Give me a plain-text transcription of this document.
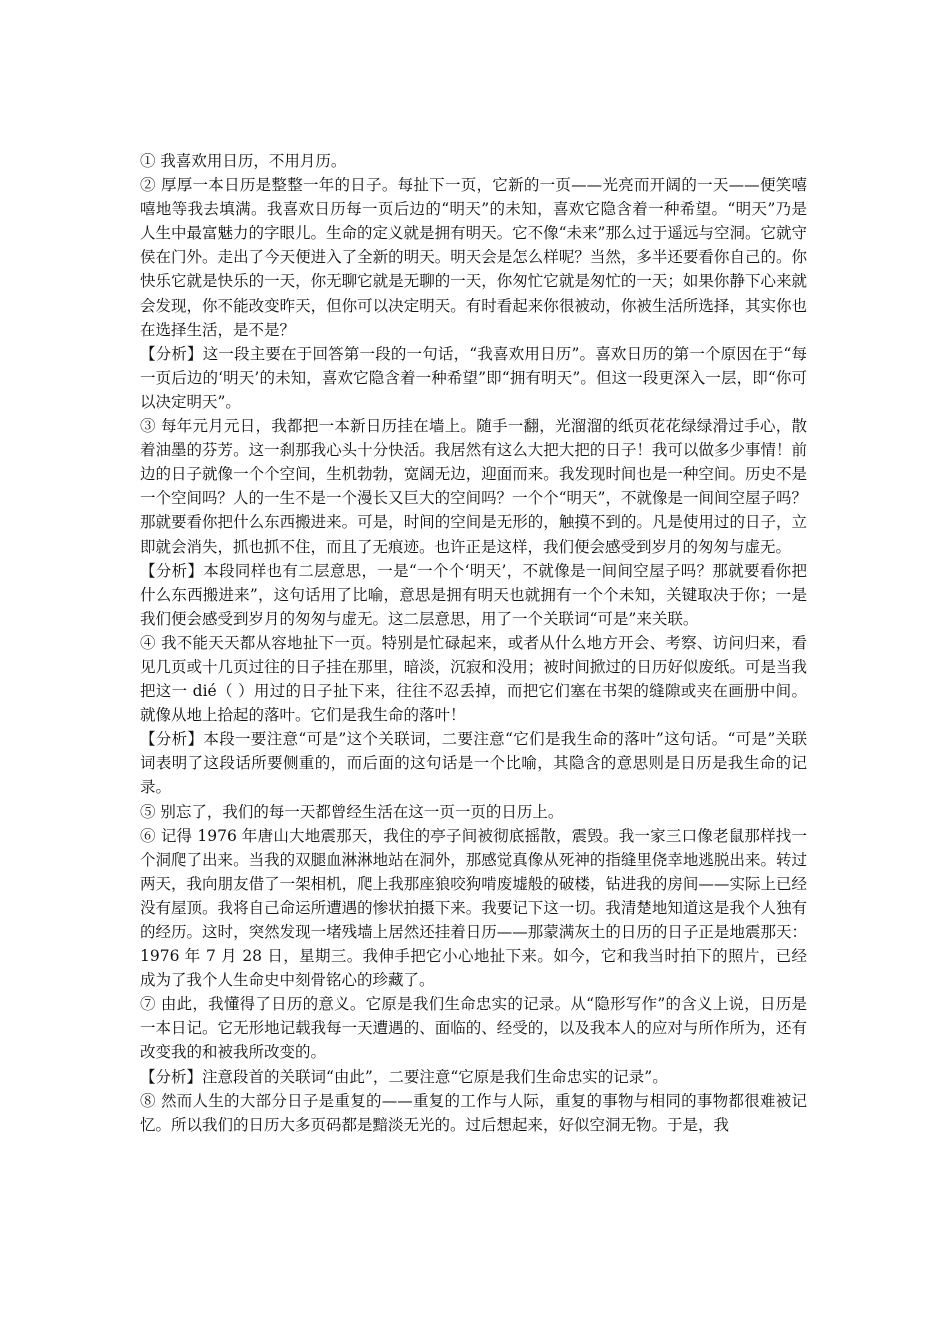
① 我喜欢用日历，不用月历。

② 厚厚一本日历是整整一年的日子。每扯下一页，它新的一页——光亮而开阔的一天——便笑嘻嘻地等我去填满。我喜欢日历每一页后边的“明天”的未知，喜欢它隐含着一种希望。“明天”乃是人生中最富魅力的字眼儿。生命的定义就是拥有明天。它不像“未来”那么过于遥远与空洞。它就守侯在门外。走出了今天便进入了全新的明天。明天会是怎么样呢？当然，多半还要看你自己的。你快乐它就是快乐的一天，你无聊它就是无聊的一天，你匆忙它就是匆忙的一天；如果你静下心来就会发现，你不能改变昨天，但你可以决定明天。有时看起来你很被动，你被生活所选择，其实你也在选择生活，是不是？

【分析】这一段主要在于回答第一段的一句话，“我喜欢用日历”。喜欢日历的第一个原因在于“每一页后边的‘明天’的未知，喜欢它隐含着一种希望”即“拥有明天”。但这一段更深入一层，即“你可以决定明天”。

③ 每年元月元日，我都把一本新日历挂在墙上。随手一翻，光溜溜的纸页花花绿绿滑过手心，散着油墨的芬芳。这一刹那我心头十分快活。我居然有这么大把大把的日子！我可以做多少事情！前边的日子就像一个个空间，生机勃勃，宽阔无边，迎面而来。我发现时间也是一种空间。历史不是一个空间吗？人的一生不是一个漫长又巨大的空间吗？一个个“明天”，不就像是一间间空屋子吗？那就要看你把什么东西搬进来。可是，时间的空间是无形的，触摸不到的。凡是使用过的日子，立即就会消失，抓也抓不住，而且了无痕迹。也许正是这样，我们便会感受到岁月的匆匆与虚无。

【分析】本段同样也有二层意思，一是“一个个‘明天’，不就像是一间间空屋子吗？那就要看你把什么东西搬进来”，这句话用了比喻，意思是拥有明天也就拥有一个个未知，关键取决于你；一是我们便会感受到岁月的匆匆与虚无。这二层意思，用了一个关联词“可是”来关联。

④ 我不能天天都从容地扯下一页。特别是忙碌起来，或者从什么地方开会、考察、访问归来，看见几页或十几页过往的日子挂在那里，暗淡，沉寂和没用；被时间掀过的日历好似废纸。可是当我把这一 dié（ ）用过的日子扯下来，往往不忍丢掉，而把它们塞在书架的缝隙或夹在画册中间。就像从地上拾起的落叶。它们是我生命的落叶！

【分析】本段一要注意“可是”这个关联词，二要注意“它们是我生命的落叶”这句话。“可是”关联词表明了这段话所要侧重的，而后面的这句话是一个比喻，其隐含的意思则是日历是我生命的记录。

⑤ 别忘了，我们的每一天都曾经生活在这一页一页的日历上。

⑥ 记得 1976 年唐山大地震那天，我住的亭子间被彻底摇散，震毁。我一家三口像老鼠那样找一个洞爬了出来。当我的双腿血淋淋地站在洞外，那感觉真像从死神的指缝里侥幸地逃脱出来。转过两天，我向朋友借了一架相机，爬上我那座狼咬狗啃废墟般的破楼，钻进我的房间——实际上已经没有屋顶。我将自己命运所遭遇的惨状拍摄下来。我要记下这一切。我清楚地知道这是我个人独有的经历。这时，突然发现一堵残墙上居然还挂着日历——那蒙满灰土的日历的日子正是地震那天：1976 年 7 月 28 日，星期三。我伸手把它小心地扯下来。如今，它和我当时拍下的照片，已经成为了我个人生命史中刻骨铭心的珍藏了。

⑦ 由此，我懂得了日历的意义。它原是我们生命忠实的记录。从“隐形写作”的含义上说，日历是一本日记。它无形地记载我每一天遭遇的、面临的、经受的，以及我本人的应对与所作所为，还有改变我的和被我所改变的。

【分析】注意段首的关联词“由此”，二要注意“它原是我们生命忠实的记录”。

⑧ 然而人生的大部分日子是重复的——重复的工作与人际，重复的事物与相同的事物都很难被记忆。所以我们的日历大多页码都是黯淡无光的。过后想起来，好似空洞无物。于是，我
